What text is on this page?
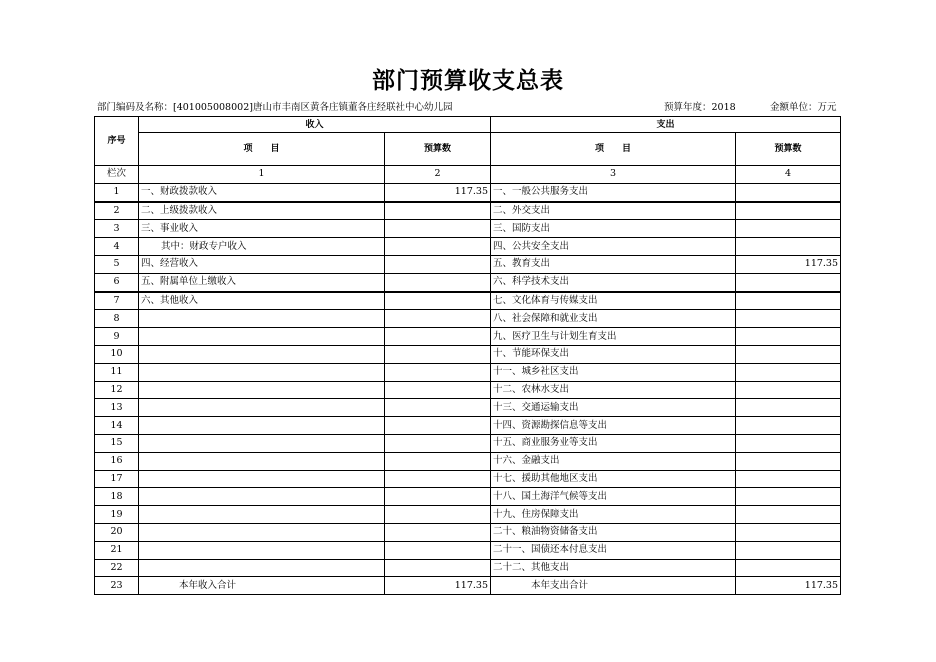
部门预算收支总表
部门编码及名称：[401005008002]唐山市丰南区黄各庄镇董各庄经联社中心幼儿园	预算年度：2018	金额单位：万元
序号	收入		支出	
	项　　目	预算数	项　　目	预算数
栏次	1	2	3	4
1	一、财政拨款收入	117.35	一、一般公共服务支出	
2	二、上级拨款收入		二、外交支出	
3	三、事业收入		三、国防支出	
4	其中：财政专户收入		四、公共安全支出	
5	四、经营收入		五、教育支出	117.35
6	五、附属单位上缴收入		六、科学技术支出	
7	六、其他收入		七、文化体育与传媒支出	
8			八、社会保障和就业支出	
9			九、医疗卫生与计划生育支出	
10			十、节能环保支出	
11			十一、城乡社区支出	
12			十二、农林水支出	
13			十三、交通运输支出	
14			十四、资源勘探信息等支出	
15			十五、商业服务业等支出	
16			十六、金融支出	
17			十七、援助其他地区支出	
18			十八、国土海洋气候等支出	
19			十九、住房保障支出	
20			二十、粮油物资储备支出	
21			二十一、国债还本付息支出	
22			二十二、其他支出	
23	本年收入合计	117.35	本年支出合计	117.35
